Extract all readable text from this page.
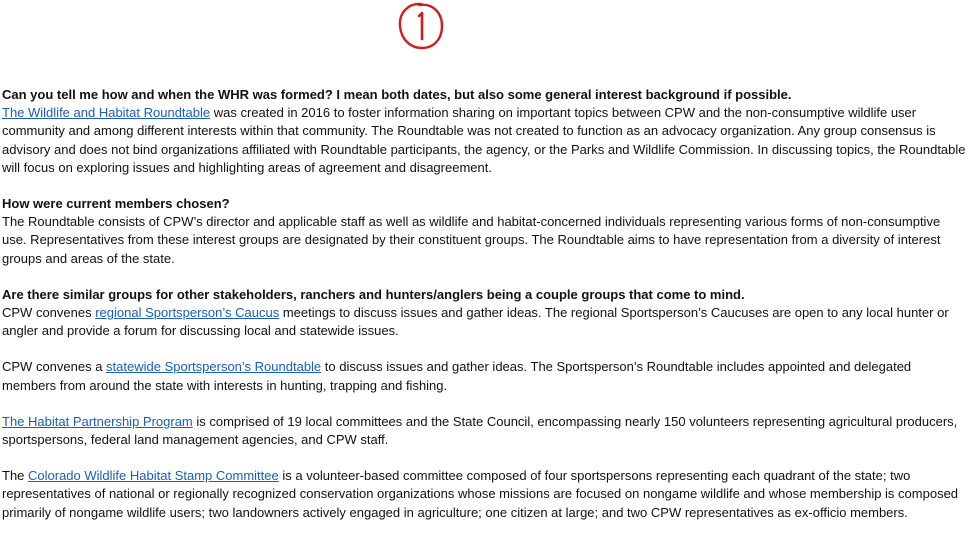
Can you tell me how and when the WHR was formed? I mean both dates, but also some general interest background if possible.

The Wildlife and Habitat Roundtable was created in 2016 to foster information sharing on important topics between CPW and the non-consumptive wildlife user community and among different interests within that community. The Roundtable was not created to function as an advocacy organization. Any group consensus is advisory and does not bind organizations affiliated with Roundtable participants, the agency, or the Parks and Wildlife Commission. In discussing topics, the Roundtable will focus on exploring issues and highlighting areas of agreement and disagreement.

How were current members chosen?

The Roundtable consists of CPW’s director and applicable staff as well as wildlife and habitat-concerned individuals representing various forms of non-consumptive use. Representatives from these interest groups are designated by their constituent groups. The Roundtable aims to have representation from a diversity of interest groups and areas of the state.

Are there similar groups for other stakeholders, ranchers and hunters/anglers being a couple groups that come to mind.

CPW convenes regional Sportsperson’s Caucus meetings to discuss issues and gather ideas. The regional Sportsperson’s Caucuses are open to any local hunter or angler and provide a forum for discussing local and statewide issues.

CPW convenes a statewide Sportsperson’s Roundtable to discuss issues and gather ideas. The Sportsperson’s Roundtable includes appointed and delegated members from around the state with interests in hunting, trapping and fishing.

The Habitat Partnership Program is comprised of 19 local committees and the State Council, encompassing nearly 150 volunteers representing agricultural producers, sportspersons, federal land management agencies, and CPW staff.

The Colorado Wildlife Habitat Stamp Committee is a volunteer-based committee composed of four sportspersons representing each quadrant of the state; two representatives of national or regionally recognized conservation organizations whose missions are focused on nongame wildlife and whose membership is composed primarily of nongame wildlife users; two landowners actively engaged in agriculture; one citizen at large; and two CPW representatives as ex-officio members.
